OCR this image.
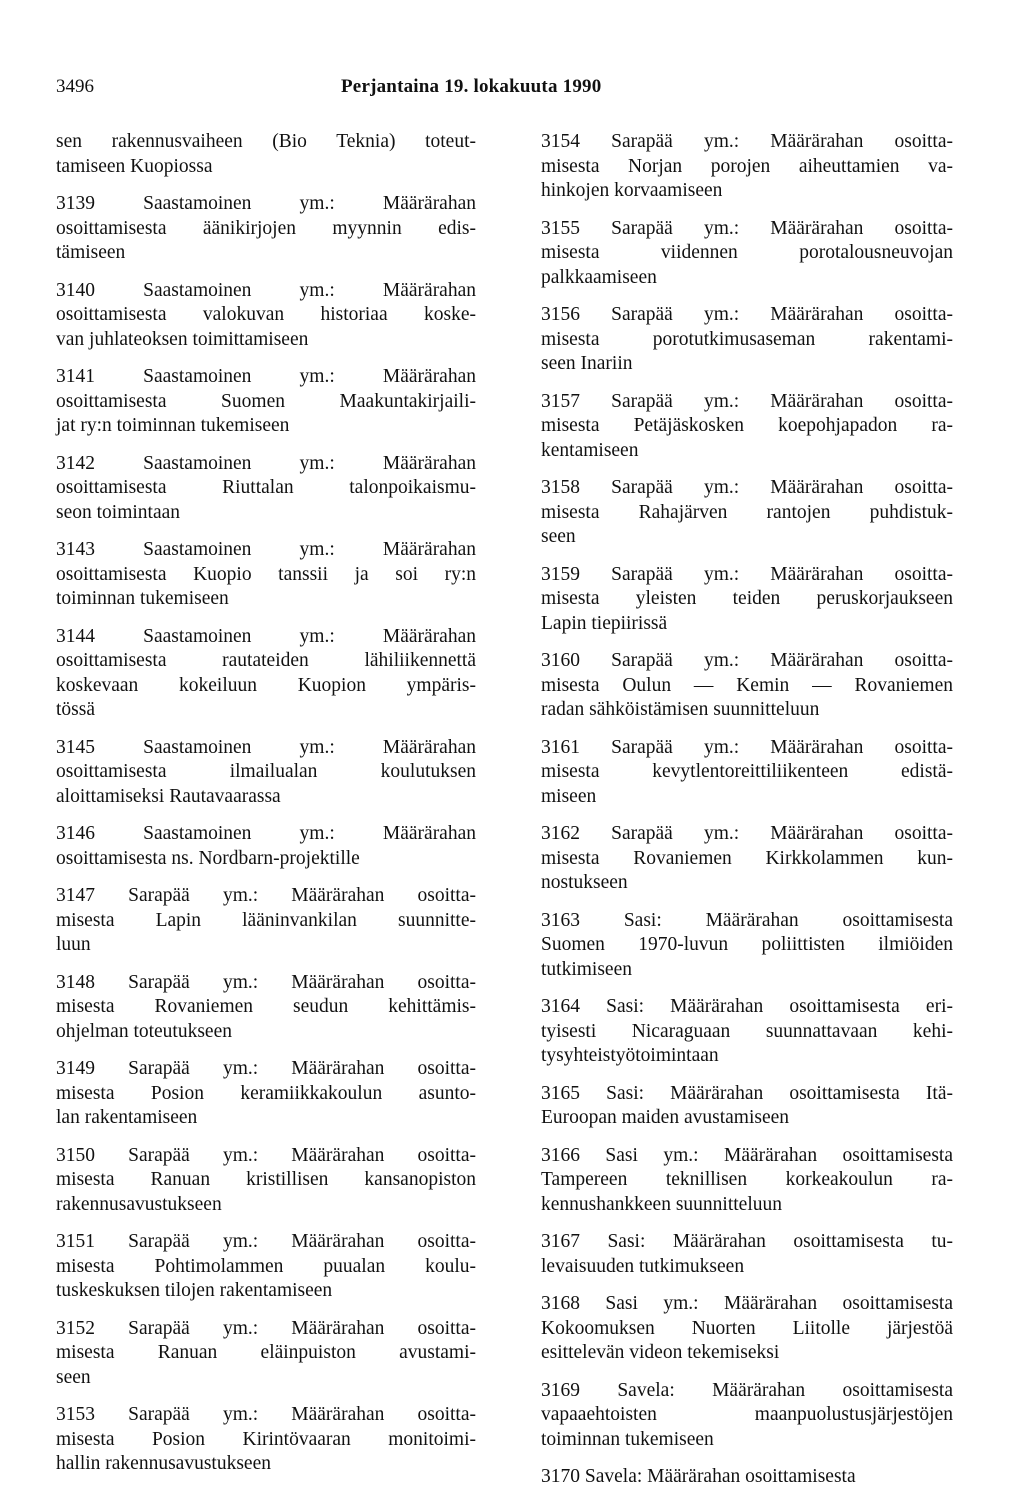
3496	Perjantaina 19. lokakuuta 1990
sen rakennusvaiheen (Bio Teknia) toteut-
tamiseen Kuopiossa
3139 Saastamoinen ym.: Määrärahan
osoittamisesta äänikirjojen myynnin edis-
tämiseen
3140 Saastamoinen ym.: Määrärahan
osoittamisesta valokuvan historiaa koske-
van juhlateoksen toimittamiseen
3141 Saastamoinen ym.: Määrärahan
osoittamisesta Suomen Maakuntakirjaili-
jat ry:n toiminnan tukemiseen
3142 Saastamoinen ym.: Määrärahan
osoittamisesta Riuttalan talonpoikaismu-
seon toimintaan
3143 Saastamoinen ym.: Määrärahan
osoittamisesta Kuopio tanssii ja soi ry:n
toiminnan tukemiseen
3144 Saastamoinen ym.: Määrärahan
osoittamisesta rautateiden lähiliikennettä
koskevaan kokeiluun Kuopion ympäris-
tössä
3145 Saastamoinen ym.: Määrärahan
osoittamisesta ilmailualan koulutuksen
aloittamiseksi Rautavaarassa
3146 Saastamoinen ym.: Määrärahan
osoittamisesta ns. Nordbarn-projektille
3147 Sarapää ym.: Määrärahan osoitta-
misesta Lapin lääninvankilan suunnitte-
luun
3148 Sarapää ym.: Määrärahan osoitta-
misesta Rovaniemen seudun kehittämis-
ohjelman toteutukseen
3149 Sarapää ym.: Määrärahan osoitta-
misesta Posion keramiikkakoulun asunto-
lan rakentamiseen
3150 Sarapää ym.: Määrärahan osoitta-
misesta Ranuan kristillisen kansanopiston
rakennusavustukseen
3151 Sarapää ym.: Määrärahan osoitta-
misesta Pohtimolammen puualan koulu-
tuskeskuksen tilojen rakentamiseen
3152 Sarapää ym.: Määrärahan osoitta-
misesta Ranuan eläinpuiston avustami-
seen
3153 Sarapää ym.: Määrärahan osoitta-
misesta Posion Kirintövaaran monitoimi-
hallin rakennusavustukseen
3154 Sarapää ym.: Määrärahan osoitta-
misesta Norjan porojen aiheuttamien va-
hinkojen korvaamiseen
3155 Sarapää ym.: Määrärahan osoitta-
misesta viidennen porotalousneuvojan
palkkaamiseen
3156 Sarapää ym.: Määrärahan osoitta-
misesta porotutkimusaseman rakentami-
seen Inariin
3157 Sarapää ym.: Määrärahan osoitta-
misesta Petäjäskosken koepohjapadon ra-
kentamiseen
3158 Sarapää ym.: Määrärahan osoitta-
misesta Rahajärven rantojen puhdistuk-
seen
3159 Sarapää ym.: Määrärahan osoitta-
misesta yleisten teiden peruskorjaukseen
Lapin tiepiirissä
3160 Sarapää ym.: Määrärahan osoitta-
misesta Oulun — Kemin — Rovaniemen
radan sähköistämisen suunnitteluun
3161 Sarapää ym.: Määrärahan osoitta-
misesta kevytlentoreittiliikenteen edistä-
miseen
3162 Sarapää ym.: Määrärahan osoitta-
misesta Rovaniemen Kirkkolammen kun-
nostukseen
3163 Sasi: Määrärahan osoittamisesta
Suomen 1970-luvun poliittisten ilmiöiden
tutkimiseen
3164 Sasi: Määrärahan osoittamisesta eri-
tyisesti Nicaraguaan suunnattavaan kehi-
tysyhteistyötoimintaan
3165 Sasi: Määrärahan osoittamisesta Itä-
Euroopan maiden avustamiseen
3166 Sasi ym.: Määrärahan osoittamisesta
Tampereen teknillisen korkeakoulun ra-
kennushankkeen suunnitteluun
3167 Sasi: Määrärahan osoittamisesta tu-
levaisuuden tutkimukseen
3168 Sasi ym.: Määrärahan osoittamisesta
Kokoomuksen Nuorten Liitolle järjestöä
esittelevän videon tekemiseksi
3169 Savela: Määrärahan osoittamisesta
vapaaehtoisten maanpuolustusjärjestöjen
toiminnan tukemiseen
3170 Savela: Määrärahan osoittamisesta
